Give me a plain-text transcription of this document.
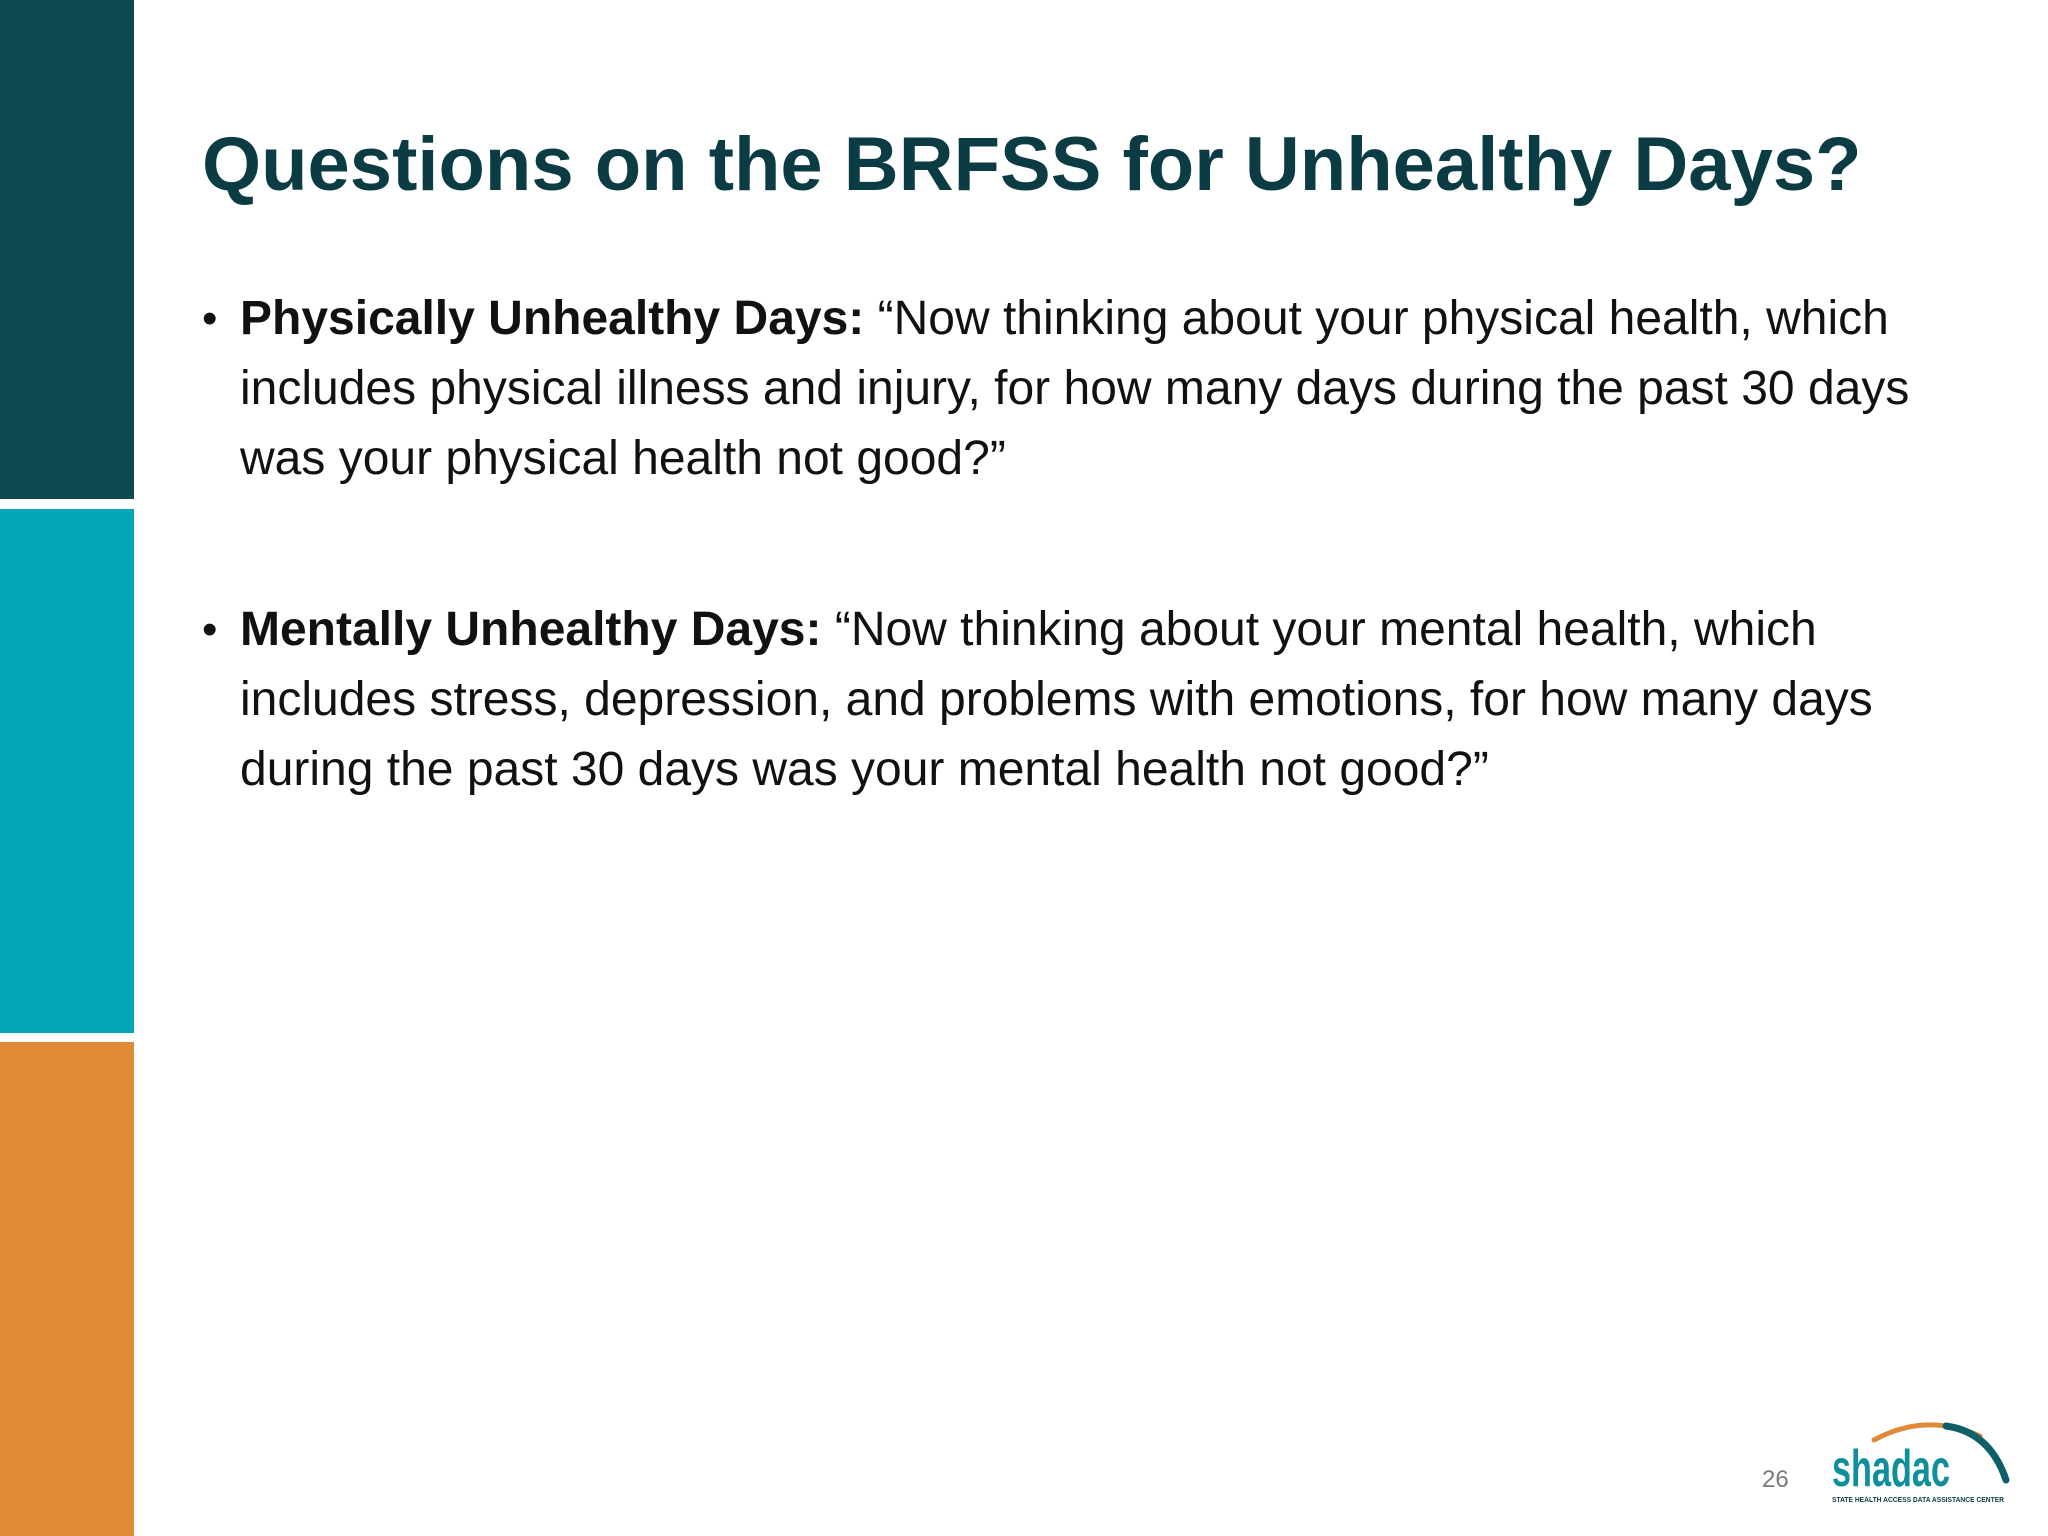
Questions on the BRFSS for Unhealthy Days?
• Physically Unhealthy Days: “Now thinking about your physical health, which includes physical illness and injury, for how many days during the past 30 days was your physical health not good?”
• Mentally Unhealthy Days: “Now thinking about your mental health, which includes stress, depression, and problems with emotions, for how many days during the past 30 days was your mental health not good?”
26 shadac
STATE HEALTH ACCESS DATA ASSISTANCE CENTER
